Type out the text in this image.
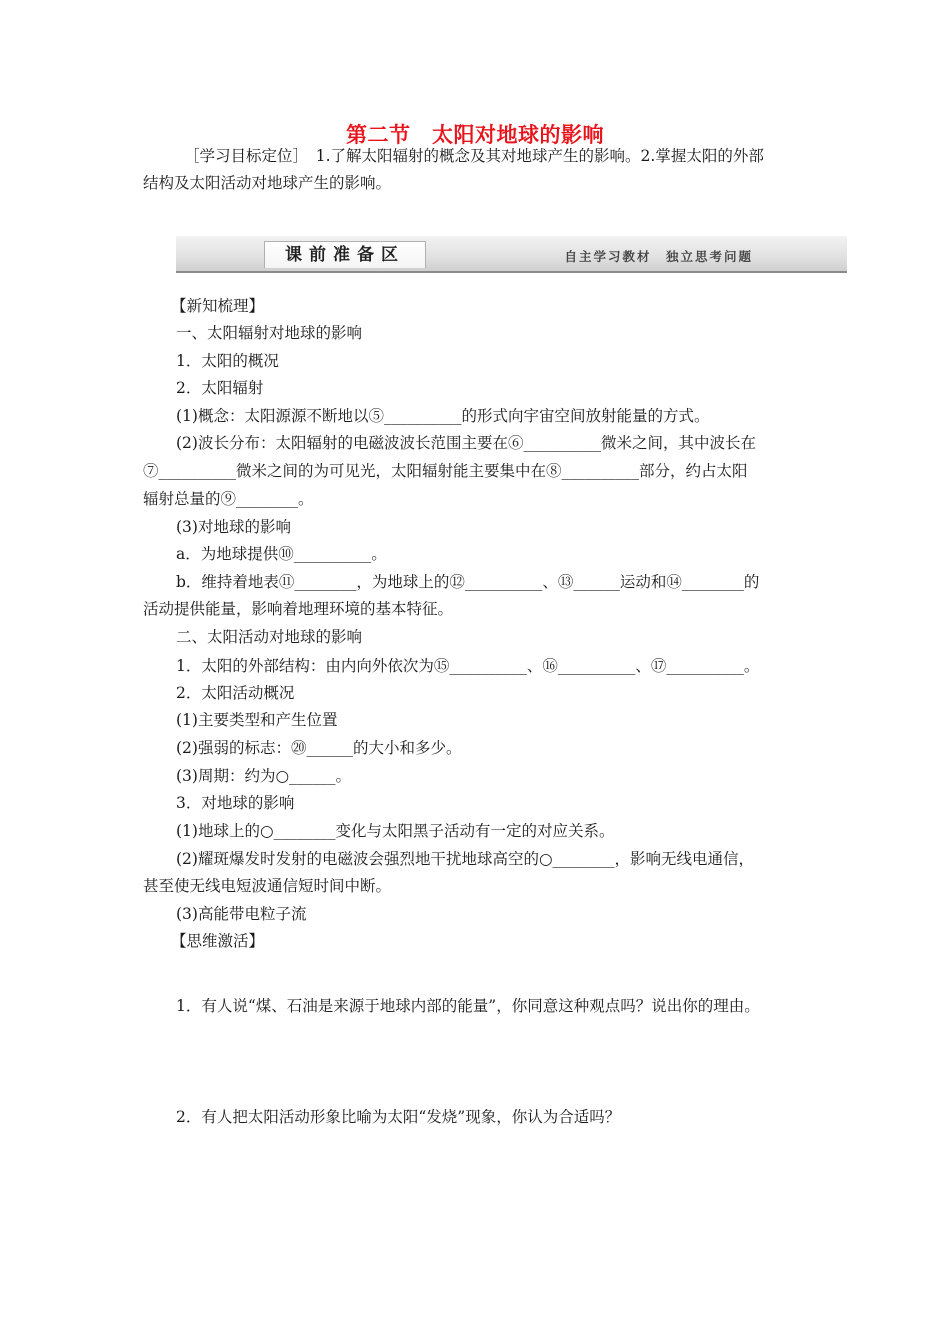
第二节　太阳对地球的影响
［学习目标定位］　1.了解太阳辐射的概念及其对地球产生的影响。2.掌握太阳的外部
结构及太阳活动对地球产生的影响。
课前准备区	自主学习教材　独立思考问题
【新知梳理】
一、太阳辐射对地球的影响
1．太阳的概况
2．太阳辐射
(1)概念：太阳源源不断地以⑤__________的形式向宇宙空间放射能量的方式。
(2)波长分布：太阳辐射的电磁波波长范围主要在⑥__________微米之间，其中波长在
⑦__________微米之间的为可见光，太阳辐射能主要集中在⑧__________部分，约占太阳
辐射总量的⑨________。
(3)对地球的影响
a．为地球提供⑩__________。
b．维持着地表⑪________，为地球上的⑫__________、⑬______运动和⑭________的
活动提供能量，影响着地理环境的基本特征。
二、太阳活动对地球的影响
1．太阳的外部结构：由内向外依次为⑮__________、⑯__________、⑰__________。
2．太阳活动概况
(1)主要类型和产生位置
(2)强弱的标志：⑳______的大小和多少。
(3)周期：约为○______。
3．对地球的影响
(1)地球上的○________变化与太阳黑子活动有一定的对应关系。
(2)耀斑爆发时发射的电磁波会强烈地干扰地球高空的○________，影响无线电通信，
甚至使无线电短波通信短时间中断。
(3)高能带电粒子流
【思维激活】
1．有人说“煤、石油是来源于地球内部的能量”，你同意这种观点吗？说出你的理由。
2．有人把太阳活动形象比喻为太阳“发烧”现象，你认为合适吗？
